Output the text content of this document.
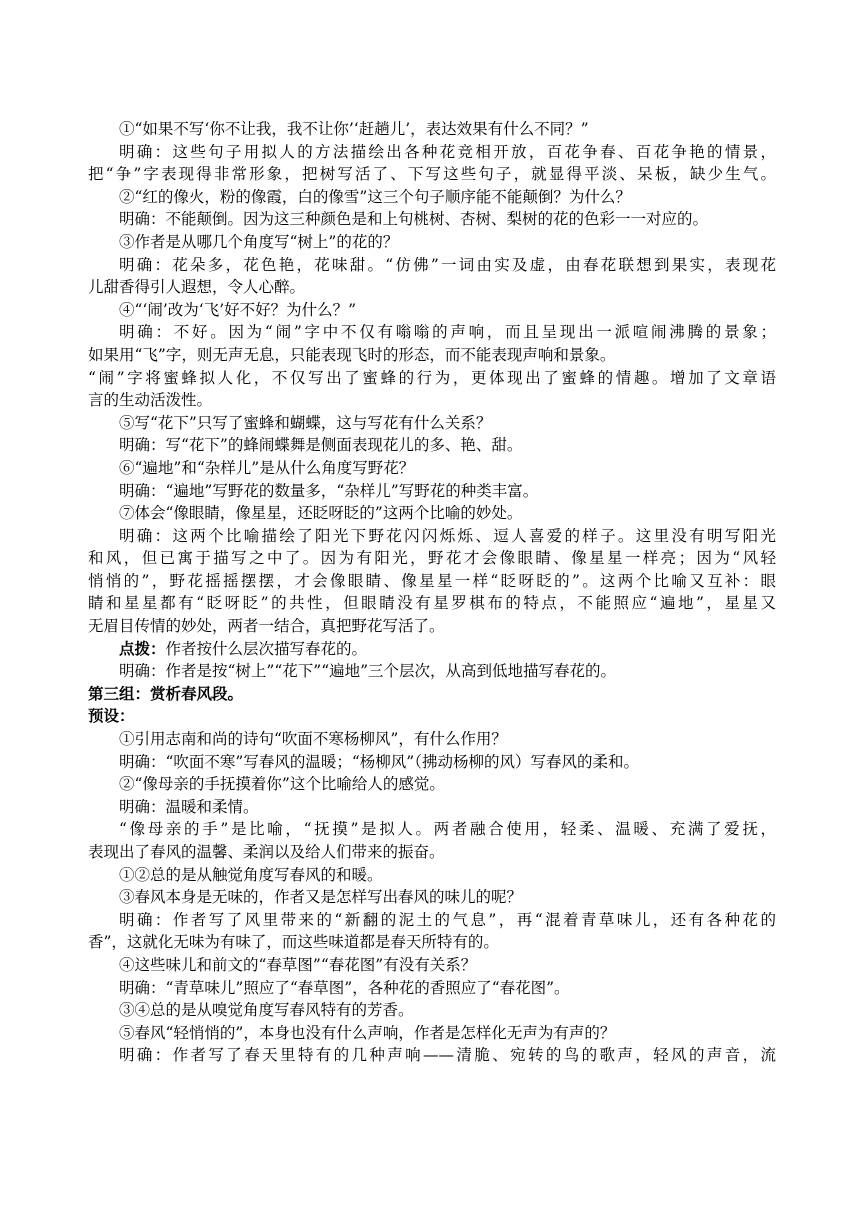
①“如果不写‘你不让我，我不让你’‘赶趟儿’，表达效果有什么不同？”

明确：这些句子用拟人的方法描绘出各种花竞相开放，百花争春、百花争艳的情景，

把“争”字表现得非常形象，把树写活了、下写这些句子，就显得平淡、呆板，缺少生气。

②“红的像火，粉的像霞，白的像雪”这三个句子顺序能不能颠倒？为什么？

明确：不能颠倒。因为这三种颜色是和上句桃树、杏树、梨树的花的色彩一一对应的。

③作者是从哪几个角度写“树上”的花的？

明确：花朵多，花色艳，花味甜。“仿佛”一词由实及虚，由春花联想到果实，表现花

儿甜香得引人遐想，令人心醉。

④“‘闹’改为‘飞’好不好？为什么？”

明确：不好。因为“闹”字中不仅有嗡嗡的声响，而且呈现出一派喧闹沸腾的景象；

如果用“飞”字，则无声无息，只能表现飞时的形态，而不能表现声响和景象。

“闹”字将蜜蜂拟人化，不仅写出了蜜蜂的行为，更体现出了蜜蜂的情趣。增加了文章语

言的生动活泼性。

⑤写“花下”只写了蜜蜂和蝴蝶，这与写花有什么关系？

明确：写“花下”的蜂闹蝶舞是侧面表现花儿的多、艳、甜。

⑥“遍地”和“杂样儿”是从什么角度写野花？

明确：“遍地”写野花的数量多，“杂样儿”写野花的种类丰富。

⑦体会“像眼睛，像星星，还眨呀眨的”这两个比喻的妙处。

明确：这两个比喻描绘了阳光下野花闪闪烁烁、逗人喜爱的样子。这里没有明写阳光

和风，但已寓于描写之中了。因为有阳光，野花才会像眼睛、像星星一样亮；因为“风轻

悄悄的”，野花摇摇摆摆，才会像眼睛、像星星一样“眨呀眨的”。这两个比喻又互补：眼

睛和星星都有“眨呀眨”的共性，但眼睛没有星罗棋布的特点，不能照应“遍地”，星星又

无眉目传情的妙处，两者一结合，真把野花写活了。

点拨：作者按什么层次描写春花的。

明确：作者是按“树上”“花下”“遍地”三个层次，从高到低地描写春花的。

第三组：赏析春风段。

预设：

①引用志南和尚的诗句“吹面不寒杨柳风”，有什么作用？

明确：“吹面不寒”写春风的温暖；“杨柳风”（拂动杨柳的风）写春风的柔和。

②“像母亲的手抚摸着你”这个比喻给人的感觉。

明确：温暖和柔情。

“像母亲的手”是比喻，“抚摸”是拟人。两者融合使用，轻柔、温暖、充满了爱抚，

表现出了春风的温馨、柔润以及给人们带来的振奋。

①②总的是从触觉角度写春风的和暖。

③春风本身是无味的，作者又是怎样写出春风的味儿的呢？

明确：作者写了风里带来的“新翻的泥土的气息”，再“混着青草味儿，还有各种花的

香”，这就化无味为有味了，而这些味道都是春天所特有的。

④这些味儿和前文的“春草图”“春花图”有没有关系？

明确：“青草味儿”照应了“春草图”，各种花的香照应了“春花图”。

③④总的是从嗅觉角度写春风特有的芳香。

⑤春风“轻悄悄的”，本身也没有什么声响，作者是怎样化无声为有声的？

明确：作者写了春天里特有的几种声响——清脆、宛转的鸟的歌声，轻风的声音，流
